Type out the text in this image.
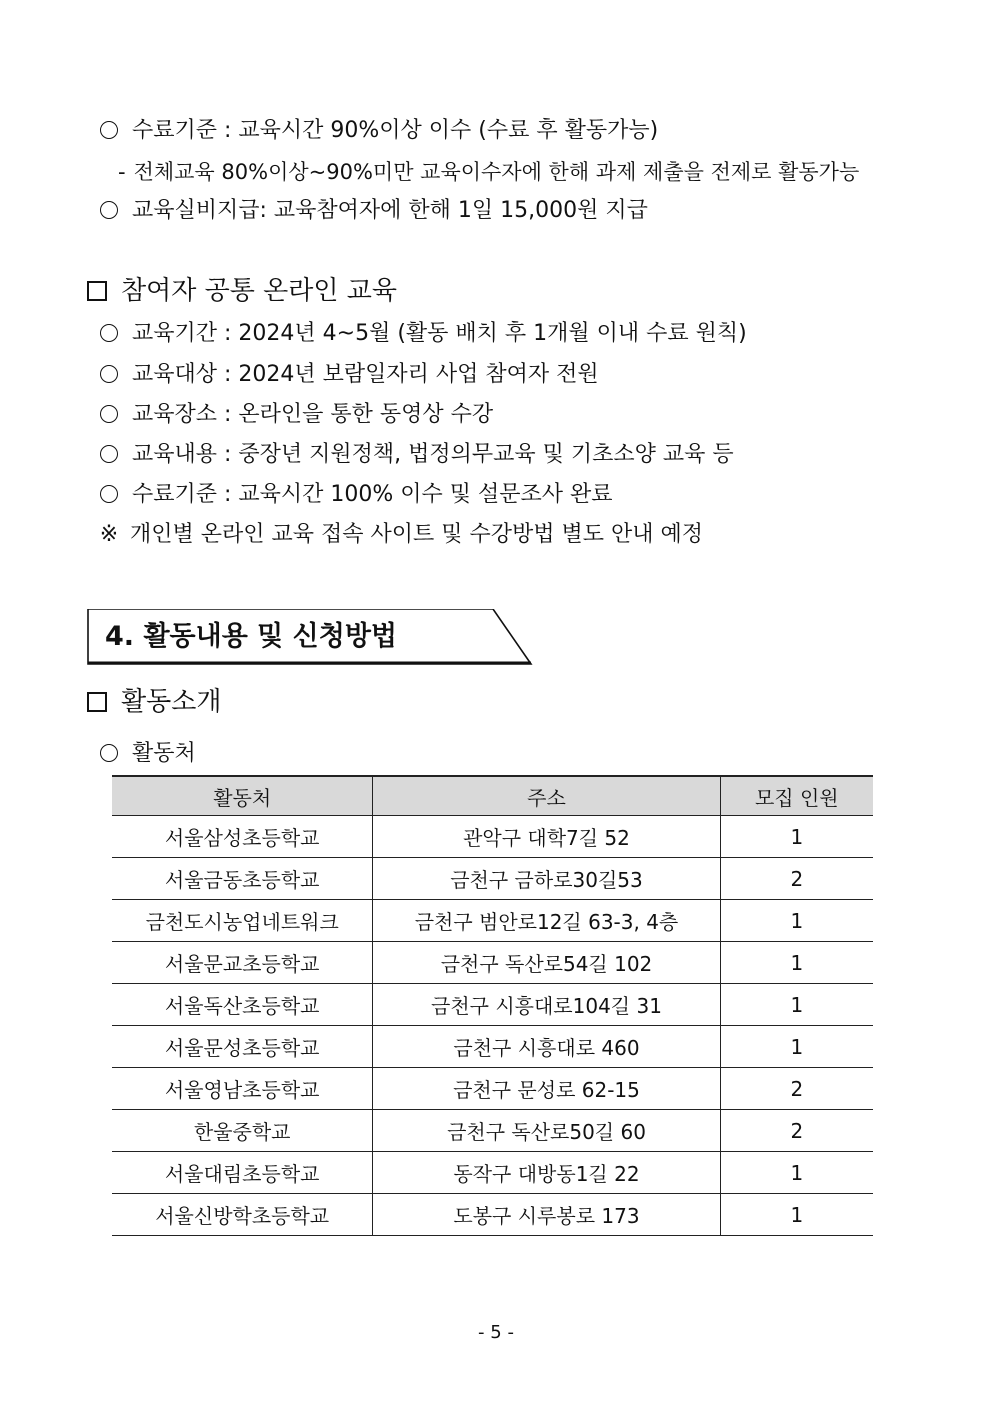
수료기준 : 교육시간 90%이상 이수 (수료 후 활동가능)
- 전체교육 80%이상~90%미만 교육이수자에 한해 과제 제출을 전제로 활동가능
교육실비지급: 교육참여자에 한해 1일 15,000원 지급
참여자 공통 온라인 교육
교육기간 : 2024년 4~5월 (활동 배치 후 1개월 이내 수료 원칙)
교육대상 : 2024년 보람일자리 사업 참여자 전원
교육장소 : 온라인을 통한 동영상 수강
교육내용 : 중장년 지원정책, 법정의무교육 및 기초소양 교육 등
수료기준 : 교육시간 100% 이수 및 설문조사 완료
※ 개인별 온라인 교육 접속 사이트 및 수강방법 별도 안내 예정
4. 활동내용 및 신청방법
활동소개
활동처
활동처	주소	모집 인원
서울삼성초등학교	관악구 대학7길 52	1
서울금동초등학교	금천구 금하로30길53	2
금천도시농업네트워크	금천구 범안로12길 63-3, 4층	1
서울문교초등학교	금천구 독산로54길 102	1
서울독산초등학교	금천구 시흥대로104길 31	1
서울문성초등학교	금천구 시흥대로 460	1
서울영남초등학교	금천구 문성로 62-15	2
한울중학교	금천구 독산로50길 60	2
서울대림초등학교	동작구 대방동1길 22	1
서울신방학초등학교	도봉구 시루봉로 173	1
- 5 -
